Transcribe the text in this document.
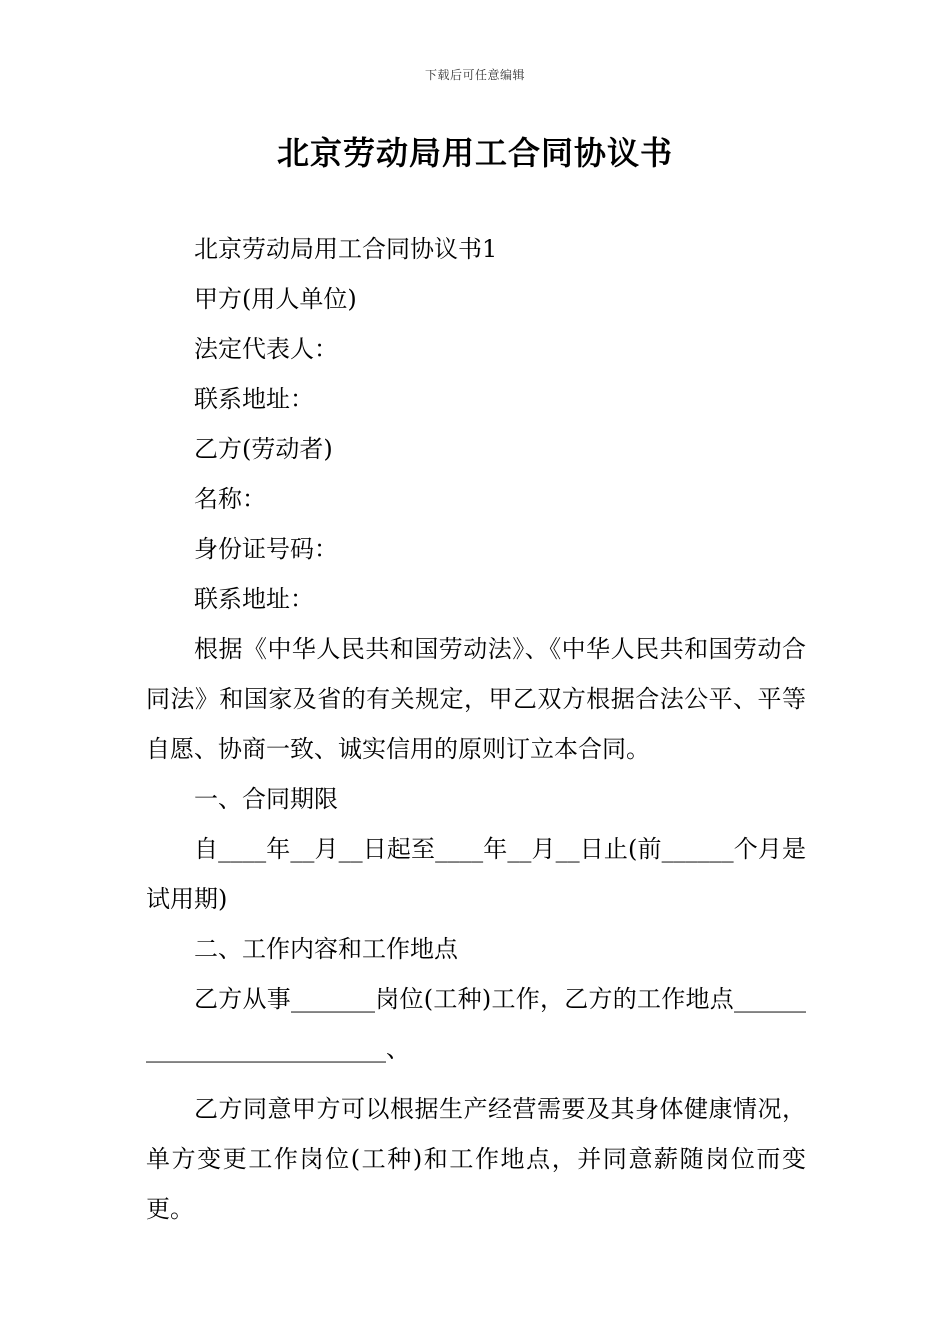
下载后可任意编辑
北京劳动局用工合同协议书

北京劳动局用工合同协议书1

甲方(用人单位)

法定代表人：

联系地址：

乙方(劳动者)

名称：

身份证号码：

联系地址：

根据《中华人民共和国劳动法》、《中华人民共和国劳动合同法》和国家及省的有关规定，甲乙双方根据合法公平、平等自愿、协商一致、诚实信用的原则订立本合同。

一、合同期限

自____年__月__日起至____年__月__日止(前______个月是试用期)

二、工作内容和工作地点

乙方从事_______岗位(工种)工作，乙方的工作地点__________________________、

乙方同意甲方可以根据生产经营需要及其身体健康情况，单方变更工作岗位(工种)和工作地点，并同意薪随岗位而变更。
